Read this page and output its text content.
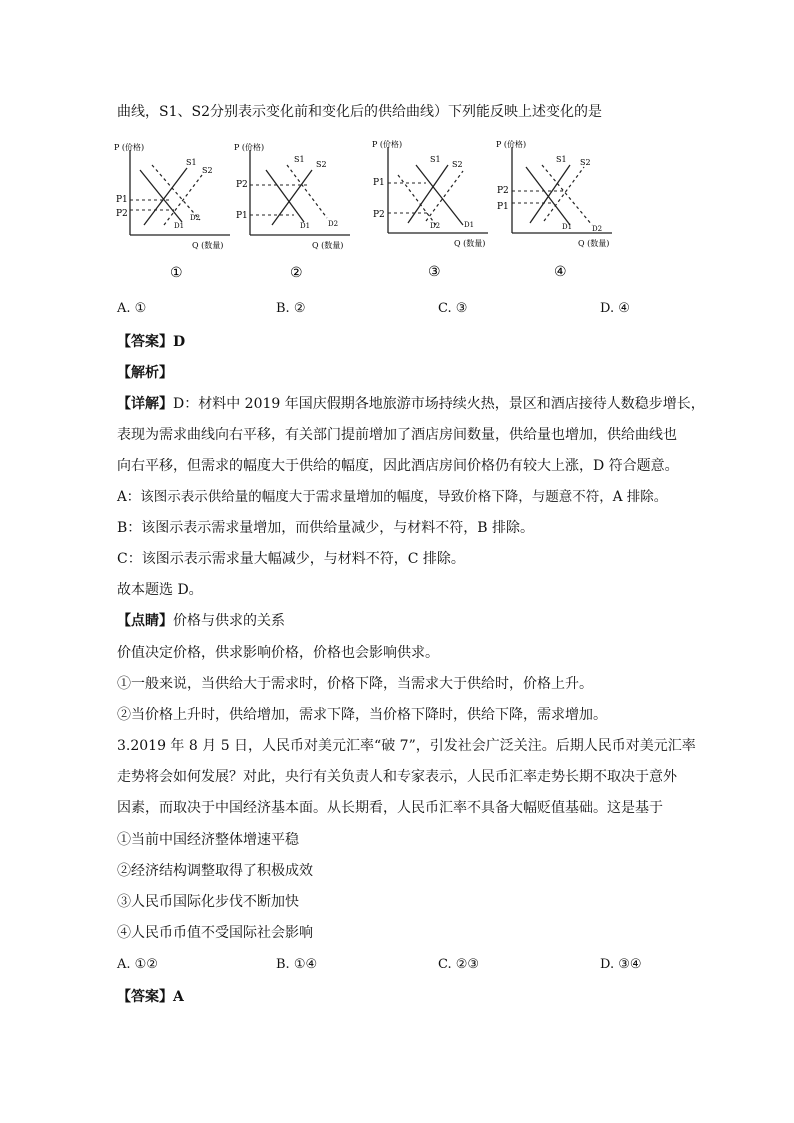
曲线，S1、S2分别表示变化前和变化后的供给曲线）下列能反映上述变化的是
P (价格)
Q (数量)
S1
S2
P1
P2
D1
D2
①
P (价格)
Q (数量)
S1
S2
P2
P1
D1	D2
②
P (价格)
Q (数量)
S1
S2
P1
P2
D2	D1
③
P (价格)
Q (数量)
S1 S2
P2
P1
D1	D2
④
A. ①	B. ②	C. ③	D. ④
【答案】D
【解析】
【详解】D：材料中 2019 年国庆假期各地旅游市场持续火热，景区和酒店接待人数稳步增长，
表现为需求曲线向右平移，有关部门提前增加了酒店房间数量，供给量也增加，供给曲线也
向右平移，但需求的幅度大于供给的幅度，因此酒店房间价格仍有较大上涨，D 符合题意。
A：该图示表示供给量的幅度大于需求量增加的幅度，导致价格下降，与题意不符，A 排除。
B：该图示表示需求量增加，而供给量减少，与材料不符，B 排除。
C：该图示表示需求量大幅减少，与材料不符，C 排除。
故本题选 D。
【点睛】价格与供求的关系
价值决定价格，供求影响价格，价格也会影响供求。
①一般来说，当供给大于需求时，价格下降，当需求大于供给时，价格上升。
②当价格上升时，供给增加，需求下降，当价格下降时，供给下降，需求增加。
3.2019 年 8 月 5 日，人民币对美元汇率“破 7”，引发社会广泛关注。后期人民币对美元汇率
走势将会如何发展？对此，央行有关负责人和专家表示，人民币汇率走势长期不取决于意外
因素，而取决于中国经济基本面。从长期看，人民币汇率不具备大幅贬值基础。这是基于
①当前中国经济整体增速平稳
②经济结构调整取得了积极成效
③人民币国际化步伐不断加快
④人民币币值不受国际社会影响
A. ①②	B. ①④	C. ②③	D. ③④
【答案】A
